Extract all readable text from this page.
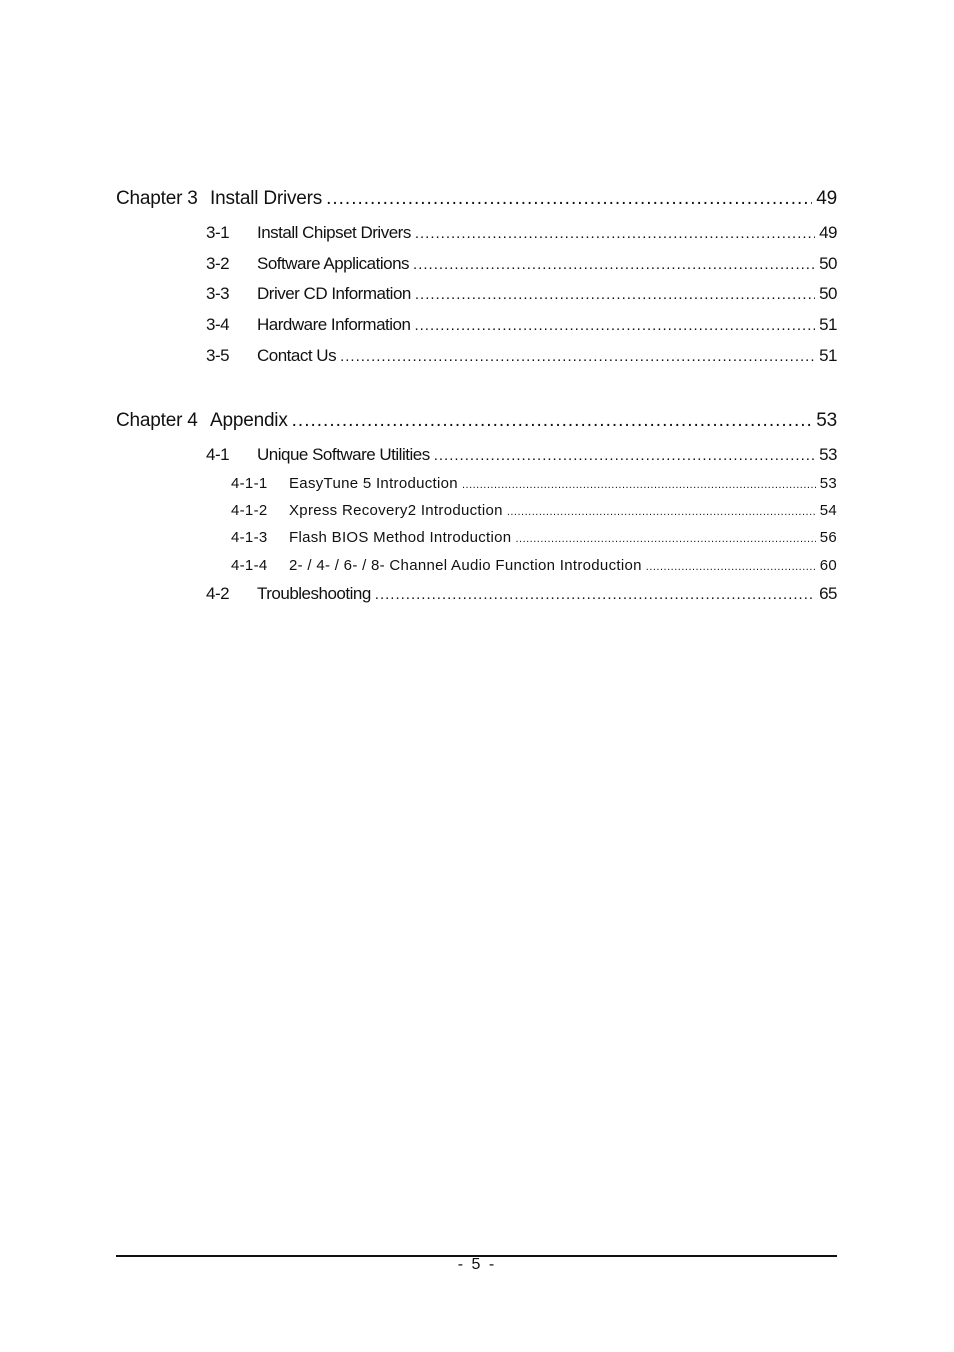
Chapter 3 Install Drivers .....	49
3-1	Install Chipset Drivers .....	49
3-2	Software Applications .....	50
3-3	Driver CD Information .....	50
3-4	Hardware Information .....	51
3-5	Contact Us .....	51
Chapter 4 Appendix .....	53
4-1	Unique Software Utilities .....	53
4-1-1	EasyTune 5 Introduction .....	53
4-1-2	Xpress Recovery2 Introduction .....	54
4-1-3	Flash BIOS Method Introduction .....	56
4-1-4	2- / 4- / 6- / 8- Channel Audio Function Introduction .....	60
4-2	Troubleshooting .....	65
- 5 -
